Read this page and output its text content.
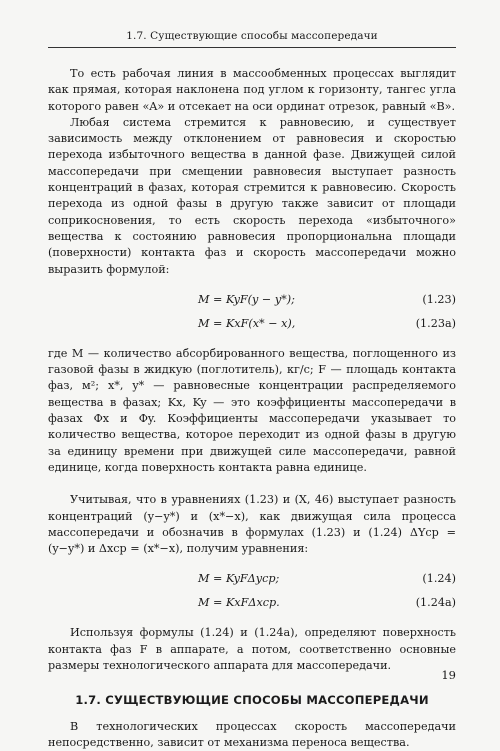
1.7. Существующие способы массопередачи

То есть рабочая линия в массообменных процессах выглядит как прямая, которая наклонена под углом к горизонту, тангес угла которого равен «A» и отсекает на оси ординат отрезок, равный «B».

Любая система стремится к равновесию, и существует зависимость между отклонением от равновесия и скоростью перехода избыточного вещества в данной фазе. Движущей силой массопередачи при смещении равновесия выступает разность концентраций в фазах, которая стремится к равновесию. Скорость перехода из одной фазы в другую также зависит от площади соприкосновения, то есть скорость перехода «избыточного» вещества к состоянию равновесия пропорциональна площади (поверхности) контакта фаз и скорость массопередачи можно выразить формулой:

M = KyF(y − y*);	(1.23)
M = KxF(x* − x),	(1.23a)

где M — количество абсорбированного вещества, поглощенного из газовой фазы в жидкую (поглотитель), кг/с; F — площадь контакта фаз, м²; x*, y* — равновесные концентрации распределяемого вещества в фазах; Kx, Ky — это коэффициенты массопередачи в фазах Φx и Φy. Коэффициенты массопередачи указывает то количество вещества, которое переходит из одной фазы в другую за единицу времени при движущей силе массопередачи, равной единице, когда поверхность контакта равна единице.

Учитывая, что в уравнениях (1.23) и (X, 46) выступает разность концентраций (y−y*) и (x*−x), как движущая сила процесса массопередачи и обозначив в формулах (1.23) и (1.24) ΔYср = (y−y*) и Δxср = (x*−x), получим уравнения:

M = KyFΔyср;	(1.24)
M = KxFΔxср.	(1.24a)

Используя формулы (1.24) и (1.24a), определяют поверхность контакта фаз F в аппарате, а потом, соответственно основные размеры технологического аппарата для массопередачи.

1.7. СУЩЕСТВУЮЩИЕ СПОСОБЫ МАССОПЕРЕДАЧИ

В технологических процессах скорость массопередачи непосредственно, зависит от механизма переноса вещества.

19
